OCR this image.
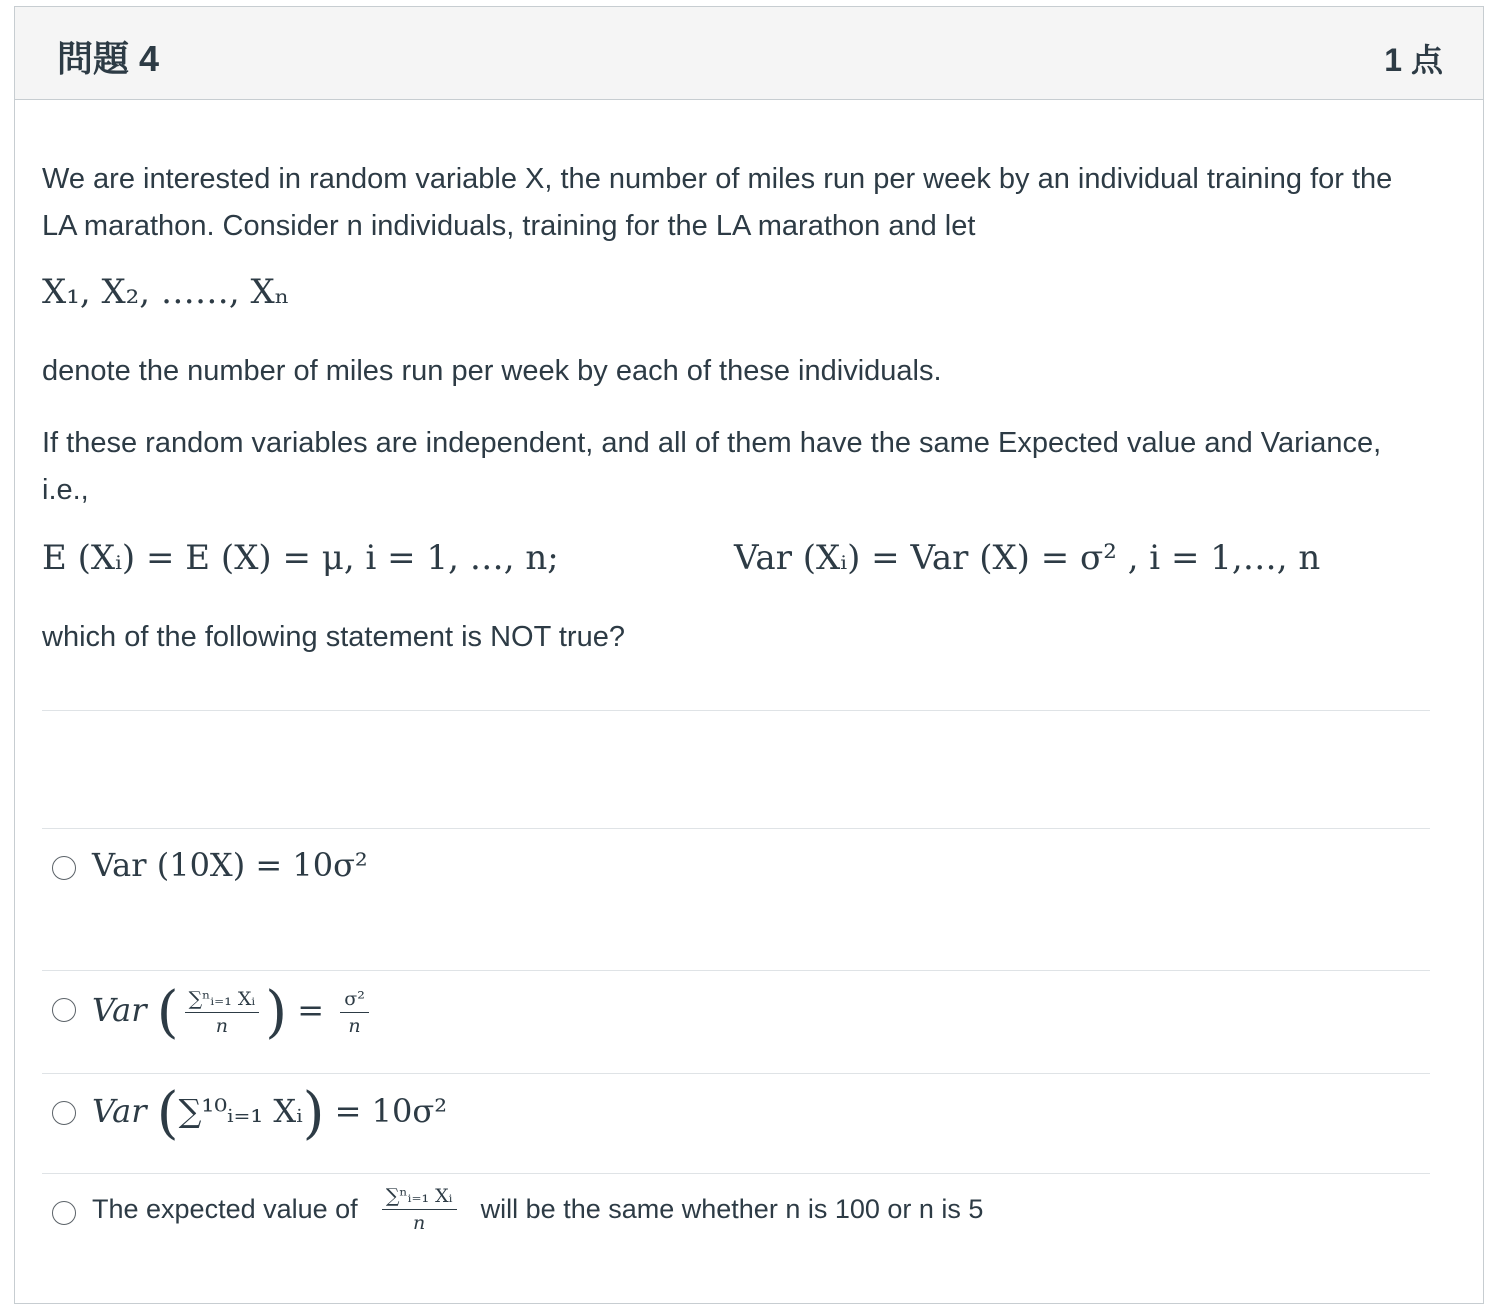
問題 4	1 点

We are interested in random variable X, the number of miles run per week by an individual training for the LA marathon. Consider n individuals, training for the LA marathon and let

X₁, X₂, ……, Xₙ

denote the number of miles run per week by each of these individuals.

If these random variables are independent, and all of them have the same Expected value and Variance, i.e.,

E (Xᵢ) = E (X) = μ, i = 1, …, n;	Var (Xᵢ) = Var (X) = σ² , i = 1,…, n

which of the following statement is NOT true?

Var (10X) = 10σ²
Var ( $\frac{\text{∑ⁿᵢ₌₁ Xᵢ}}{n}$ ) = $\frac{\text{σ²}}{n}$
Var (∑¹⁰ᵢ₌₁ Xᵢ) = 10σ²
The expected value of $\frac{\text{∑ⁿᵢ₌₁ Xᵢ}}{n}$ will be the same whether n is 100 or n is 5
